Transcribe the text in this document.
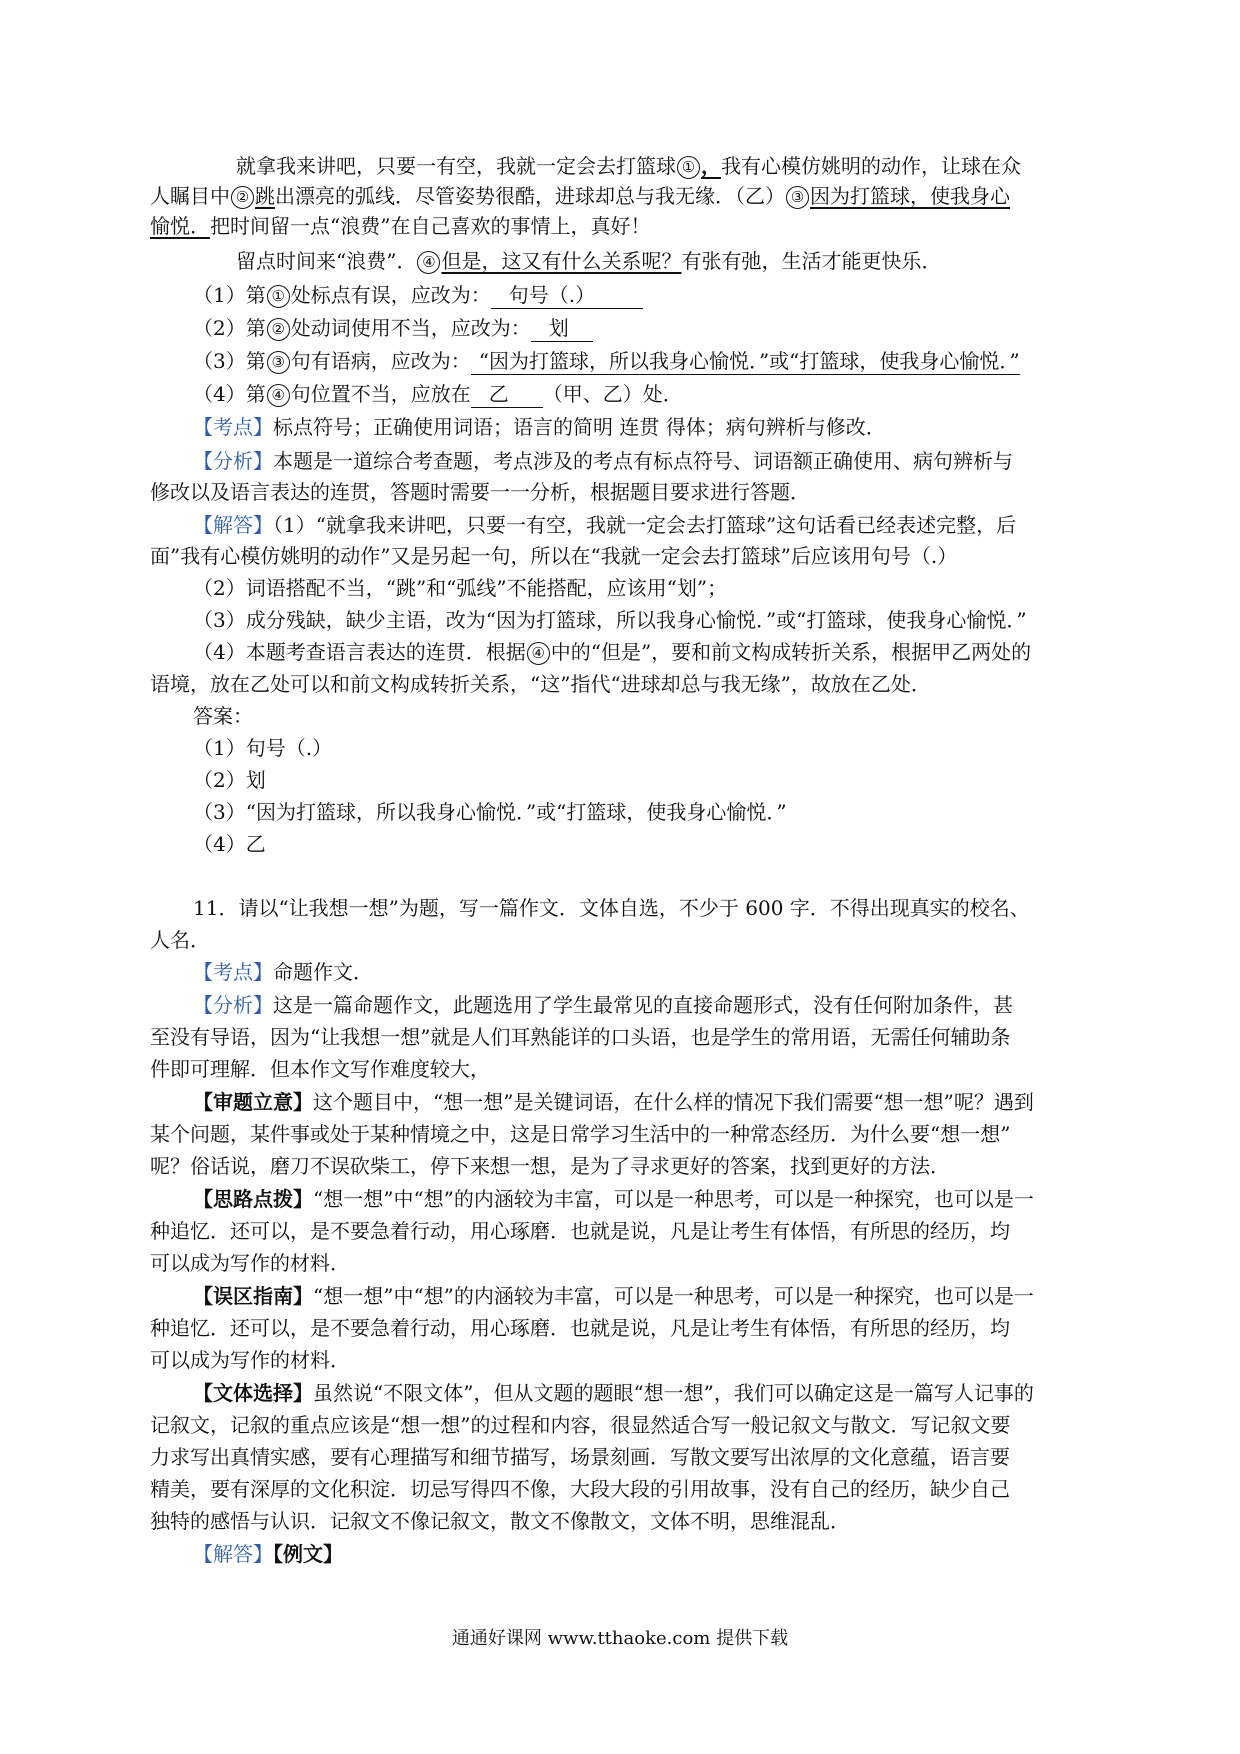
就拿我来讲吧，只要一有空，我就一定会去打篮球 ① ，我有心模仿姚明的动作，让球在众
人瞩目中 ② 跳出漂亮的弧线．尽管姿势很酷，进球却总与我无缘．（乙） ③ 因为打篮球，使我身心
愉悦．把时间留一点“浪费”在自己喜欢的事情上，真好！
留点时间来“浪费”． ④ 但是，这又有什么关系呢？有张有弛，生活才能更快乐．
（1）第 ① 处标点有误，应改为： 句号（.）
（2）第 ② 处动词使用不当，应改为： 划
（3）第 ③ 句有语病，应改为： “因为打篮球，所以我身心愉悦．”或“打篮球，使我身心愉悦．”
（4）第 ④ 句位置不当，应放在 乙 （甲、乙）处．
【考点】标点符号；正确使用词语；语言的简明 连贯 得体；病句辨析与修改．
【分析】本题是一道综合考查题，考点涉及的考点有标点符号、词语额正确使用、病句辨析与
修改以及语言表达的连贯，答题时需要一一分析，根据题目要求进行答题．
【解答】（1）“就拿我来讲吧，只要一有空，我就一定会去打篮球”这句话看已经表述完整，后
面”我有心模仿姚明的动作”又是另起一句，所以在“我就一定会去打篮球”后应该用句号（.）
（2）词语搭配不当，“跳”和“弧线”不能搭配，应该用“划”；
（3）成分残缺，缺少主语，改为“因为打篮球，所以我身心愉悦．”或“打篮球，使我身心愉悦．”
（4）本题考查语言表达的连贯．根据 ④ 中的“但是”，要和前文构成转折关系，根据甲乙两处的
语境，放在乙处可以和前文构成转折关系，“这”指代“进球却总与我无缘”，故放在乙处．
答案：
（1）句号（.）
（2）划
（3）“因为打篮球，所以我身心愉悦．”或“打篮球，使我身心愉悦．”
（4）乙
11．请以“让我想一想”为题，写一篇作文．文体自选，不少于 600 字．不得出现真实的校名、
人名．
【考点】命题作文．
【分析】这是一篇命题作文，此题选用了学生最常见的直接命题形式，没有任何附加条件，甚
至没有导语，因为“让我想一想”就是人们耳熟能详的口头语，也是学生的常用语，无需任何辅助条
件即可理解．但本作文写作难度较大，
【审题立意】这个题目中，“想一想”是关键词语，在什么样的情况下我们需要“想一想”呢？遇到
某个问题，某件事或处于某种情境之中，这是日常学习生活中的一种常态经历．为什么要“想一想”
呢？俗话说，磨刀不误砍柴工，停下来想一想，是为了寻求更好的答案，找到更好的方法．
【思路点拨】“想一想”中“想”的内涵较为丰富，可以是一种思考，可以是一种探究，也可以是一
种追忆．还可以，是不要急着行动，用心琢磨．也就是说，凡是让考生有体悟，有所思的经历，均
可以成为写作的材料．
【误区指南】“想一想”中“想”的内涵较为丰富，可以是一种思考，可以是一种探究，也可以是一
种追忆．还可以，是不要急着行动，用心琢磨．也就是说，凡是让考生有体悟，有所思的经历，均
可以成为写作的材料．
【文体选择】虽然说“不限文体”，但从文题的题眼“想一想”，我们可以确定这是一篇写人记事的
记叙文，记叙的重点应该是“想一想”的过程和内容，很显然适合写一般记叙文与散文．写记叙文要
力求写出真情实感，要有心理描写和细节描写，场景刻画．写散文要写出浓厚的文化意蕴，语言要
精美，要有深厚的文化积淀．切忌写得四不像，大段大段的引用故事，没有自己的经历，缺少自己
独特的感悟与认识．记叙文不像记叙文，散文不像散文，文体不明，思维混乱．
【解答】【例文】
通通好课网 www.tthaoke.com 提供下载
